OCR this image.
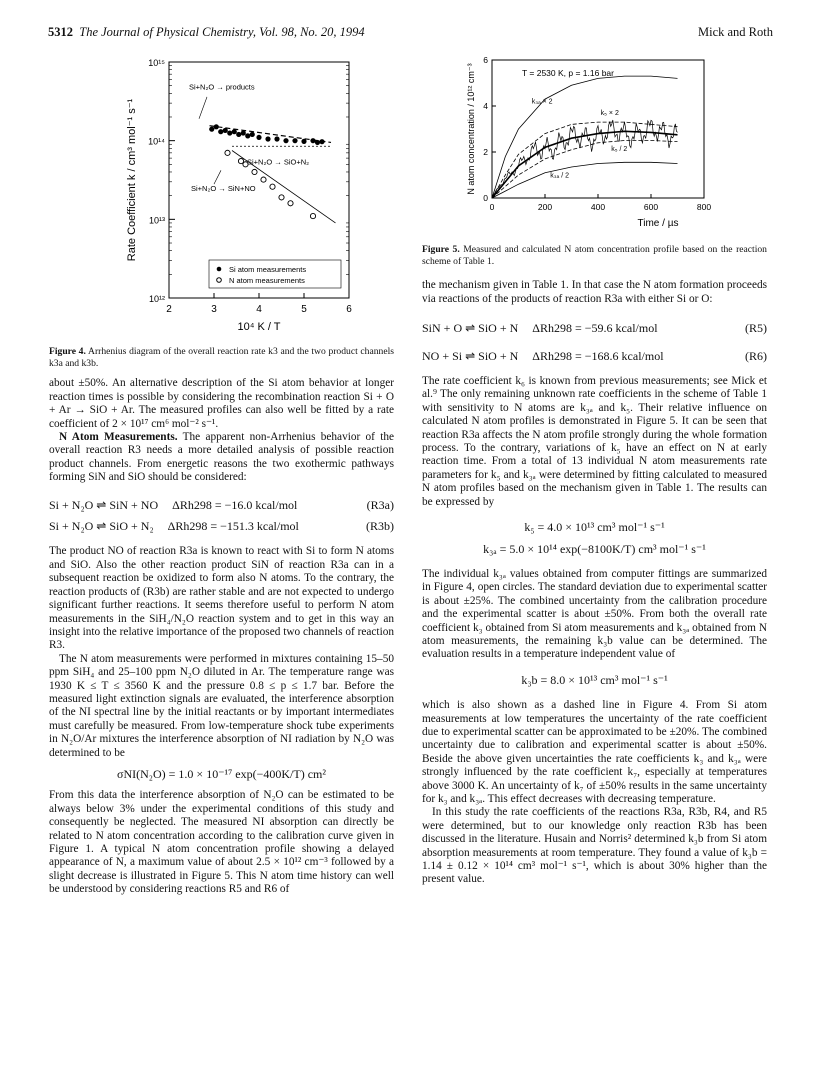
5312 The Journal of Physical Chemistry, Vol. 98, No. 20, 1994	Mick and Roth
10¹⁵
10¹⁴
10¹³
10¹²
2	3	4	5	6
10⁴ K / T
Rate Coefficient k / cm³ mol⁻¹ s⁻¹
Si+N₂O → products
Si+N₂O → SiO+N₂
Si+N₂O → SiN+NO
Si atom measurements
N atom measurements
Figure 4. Arrhenius diagram of the overall reaction rate k3 and the two product channels k3a and k3b.

about ±50%. An alternative description of the Si atom behavior at longer reaction times is possible by considering the recombination reaction Si + O + Ar → SiO + Ar. The measured profiles can also well be fitted by a rate coefficient of 2 × 10¹⁷ cm⁶ mol⁻² s⁻¹.

N Atom Measurements. The apparent non-Arrhenius behavior of the overall reaction R3 needs a more detailed analysis of possible reaction product channels. From energetic reasons the two exothermic pathways forming SiN and SiO should be considered:

Si + N₂O ⇌ SiN + NO	ΔRh298 = −16.0 kcal/mol	(R3a)
Si + N₂O ⇌ SiO + N₂	ΔRh298 = −151.3 kcal/mol	(R3b)

The product NO of reaction R3a is known to react with Si to form N atoms and SiO. Also the other reaction product SiN of reaction R3a can in a subsequent reaction be oxidized to form also N atoms. To the contrary, the reaction products of (R3b) are rather stable and are not expected to undergo significant further reactions. It seems therefore useful to perform N atom measurements in the SiH₄/N₂O reaction system and to get in this way an insight into the relative importance of the proposed two channels of reaction R3.

The N atom measurements were performed in mixtures containing 15–50 ppm SiH₄ and 25–100 ppm N₂O diluted in Ar. The temperature range was 1930 K ≤ T ≤ 3560 K and the pressure 0.8 ≤ p ≤ 1.7 bar. Before the measured light extinction signals are evaluated, the interference absorption of the NI spectral line by the initial reactants or by important intermediates must carefully be measured. From low-temperature shock tube experiments in N₂O/Ar mixtures the interference absorption of NI radiation by N₂O was determined to be

σNI(N₂O) = 1.0 × 10⁻¹⁷ exp(−400K/T) cm²

From this data the interference absorption of N₂O can be estimated to be always below 3% under the experimental conditions of this study and consequently be neglected. The measured NI absorption can directly be related to N atom concentration according to the calibration curve given in Figure 1. A typical N atom concentration profile showing a delayed appearance of N, a maximum value of about 2.5 × 10¹² cm⁻³ followed by a slight decrease is illustrated in Figure 5. This N atom time history can well be understood by considering reactions R5 and R6 of

0	200	400	600	800
0
2
4
6
Time / µs
N atom concentration / 10¹² cm⁻³	T = 2530 K, p = 1.16 bar
k₃ₐ × 2
k₅ × 2
k₅ / 2
k₃ₐ / 2
Figure 5. Measured and calculated N atom concentration profile based on the reaction scheme of Table 1.

the mechanism given in Table 1. In that case the N atom formation proceeds via reactions of the products of reaction R3a with either Si or O:

SiN + O ⇌ SiO + N	ΔRh298 = −59.6 kcal/mol	(R5)
NO + Si ⇌ SiO + N	ΔRh298 = −168.6 kcal/mol	(R6)

The rate coefficient k₆ is known from previous measurements; see Mick et al.⁹ The only remaining unknown rate coefficients in the scheme of Table 1 with sensitivity to N atoms are k₃ₐ and k₅. Their relative influence on calculated N atom profiles is demonstrated in Figure 5. It can be seen that reaction R3a affects the N atom profile strongly during the whole formation process. To the contrary, variations of k₅ have an effect on N at early reaction time. From a total of 13 individual N atom measurements rate parameters for k₅ and k₃ₐ were determined by fitting calculated to measured N atom profiles based on the mechanism given in Table 1. The results can be expressed by

k₅ = 4.0 × 10¹³ cm³ mol⁻¹ s⁻¹
k₃ₐ = 5.0 × 10¹⁴ exp(−8100K/T) cm³ mol⁻¹ s⁻¹

The individual k₃ₐ values obtained from computer fittings are summarized in Figure 4, open circles. The standard deviation due to experimental scatter is about ±25%. The combined uncertainty from the calibration procedure and the experimental scatter is about ±50%. From both the overall rate coefficient k₃ obtained from Si atom measurements and k₃ₐ obtained from N atom measurements, the remaining k₃b value can be determined. The evaluation results in a temperature independent value of

k₃b = 8.0 × 10¹³ cm³ mol⁻¹ s⁻¹

which is also shown as a dashed line in Figure 4. From Si atom measurements at low temperatures the uncertainty of the rate coefficient due to experimental scatter can be approximated to be ±20%. The combined uncertainty due to calibration and experimental scatter is about ±50%. Beside the above given uncertainties the rate coefficients k₃ and k₃ₐ were strongly influenced by the rate coefficient k₇, especially at temperatures above 3000 K. An uncertainty of k₇ of ±50% results in the same uncertainty for k₃ and k₃ₐ. This effect decreases with decreasing temperature.

In this study the rate coefficients of the reactions R3a, R3b, R4, and R5 were determined, but to our knowledge only reaction R3b has been discussed in the literature. Husain and Norris² determined k₃b from Si atom absorption measurements at room temperature. They found a value of k₃b = 1.14 ± 0.12 × 10¹⁴ cm³ mol⁻¹ s⁻¹, which is about 30% higher than the present value.
